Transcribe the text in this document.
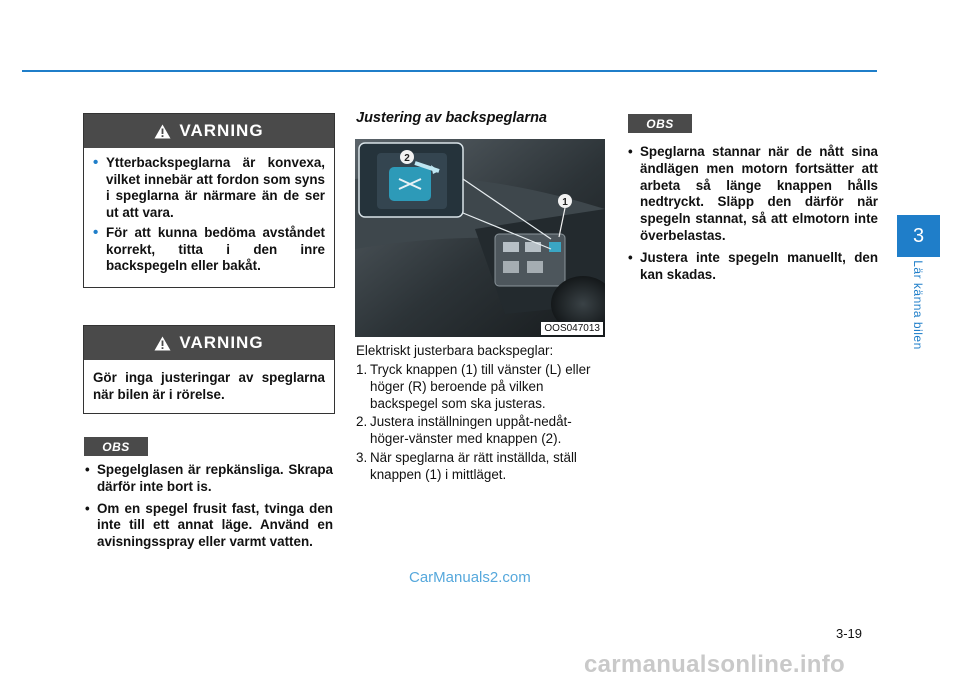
VARNING
• Ytterbackspeglarna är konvexa, vilket innebär att fordon som syns i speglarna är närmare än de ser ut att vara.
• För att kunna bedöma avståndet korrekt, titta i den inre backspegeln eller bakåt.
VARNING
Gör inga justeringar av speglarna när bilen är i rörelse.
OBS
• Spegelglasen är repkänsliga. Skrapa därför inte bort is.
• Om en spegel frusit fast, tvinga den inte till ett annat läge. Använd en avisningsspray eller varmt vatten.
Justering av backspeglarna
2
1
OOS047013
Elektriskt justerbara backspeglar:
1. Tryck knappen (1) till vänster (L) eller höger (R) beroende på vilken backspegel som ska justeras.
2. Justera inställningen uppåt-nedåt-höger-vänster med knappen (2).
3. När speglarna är rätt inställda, ställ knappen (1) i mittläget.
OBS
• Speglarna stannar när de nått sina ändlägen men motorn fortsätter att arbeta så länge knappen hålls nedtryckt. Släpp den därför när spegeln stannat, så att elmotorn inte överbelastas.
• Justera inte spegeln manuellt, den kan skadas.
3
Lär känna bilen
3-19
CarManuals2.com
carmanualsonline.info
